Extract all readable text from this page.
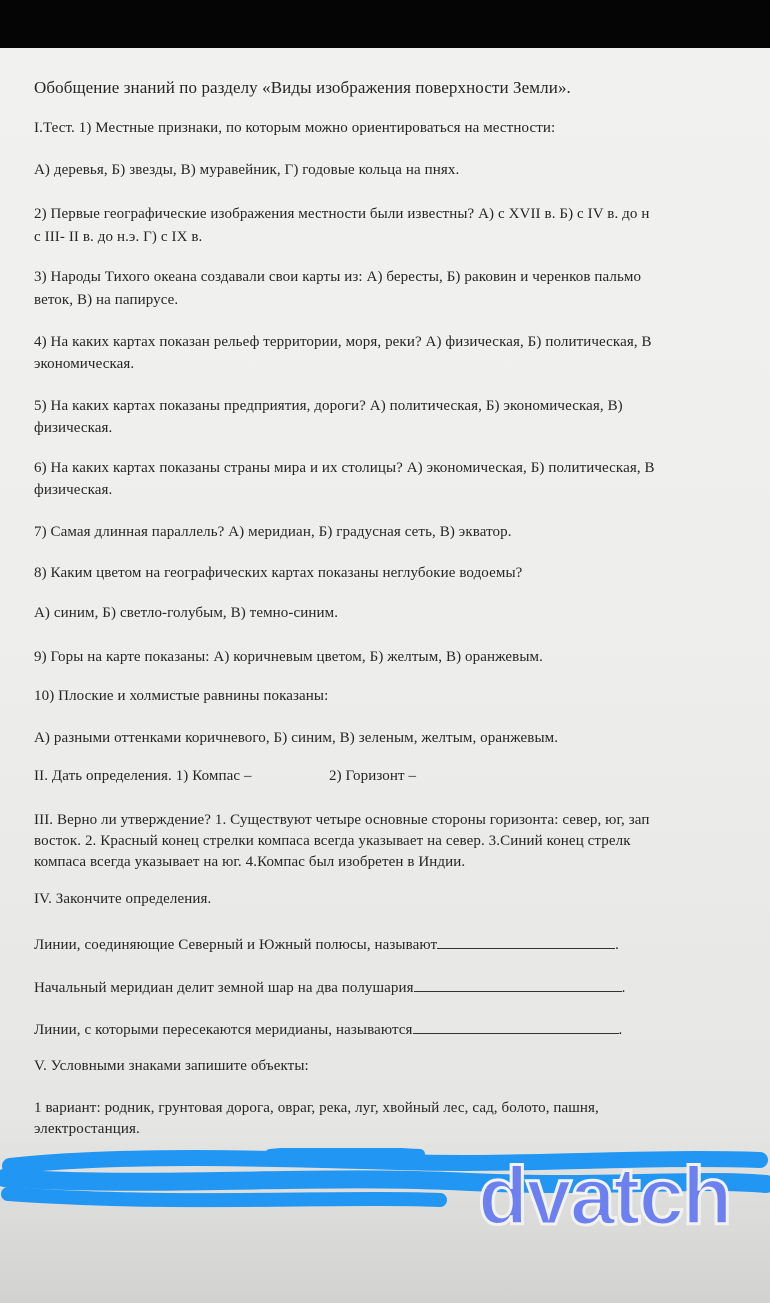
Обобщение знаний по разделу «Виды изображения поверхности Земли».

I.Тест. 1) Местные признаки, по которым можно ориентироваться на местности:

А) деревья, Б) звезды, В) муравейник, Г) годовые кольца на пнях.

2) Первые географические изображения местности были известны? А) с XVII в. Б) с IV в. до н

с III- II в. до н.э. Г) с IX в.

3) Народы Тихого океана создавали свои карты из: А) бересты, Б) раковин и черенков пальмо

веток, В) на папирусе.

4) На каких картах показан рельеф территории, моря, реки? А) физическая, Б) политическая, В

экономическая.

5) На каких картах показаны предприятия, дороги? А) политическая, Б) экономическая, В)

физическая.

6) На каких картах показаны страны мира и их столицы? А) экономическая, Б) политическая, В

физическая.

7) Самая длинная параллель? А) меридиан, Б) градусная сеть, В) экватор.

8) Каким цветом на географических картах показаны неглубокие водоемы?

А) синим, Б) светло-голубым, В) темно-синим.

9) Горы на карте показаны: А) коричневым цветом, Б) желтым, В) оранжевым.

10) Плоские и холмистые равнины показаны:

А) разными оттенками коричневого, Б) синим, В) зеленым, желтым, оранжевым.

II. Дать определения. 1) Компас –	2) Горизонт –

III. Верно ли утверждение? 1. Существуют четыре основные стороны горизонта: север, юг, зап

восток. 2. Красный конец стрелки компаса всегда указывает на север. 3.Синий конец стрелк

компаса всегда указывает на юг. 4.Компас был изобретен в Индии.

IV. Закончите определения.

Линии, соединяющие Северный и Южный полюсы, называют	.

Начальный меридиан делит земной шар на два полушария	.

Линии, с которыми пересекаются меридианы, называются	.

V. Условными знаками запишите объекты:

1 вариант: родник, грунтовая дорога, овраг, река, луг, хвойный лес, сад, болото, пашня,

электростанция.

dvatch
